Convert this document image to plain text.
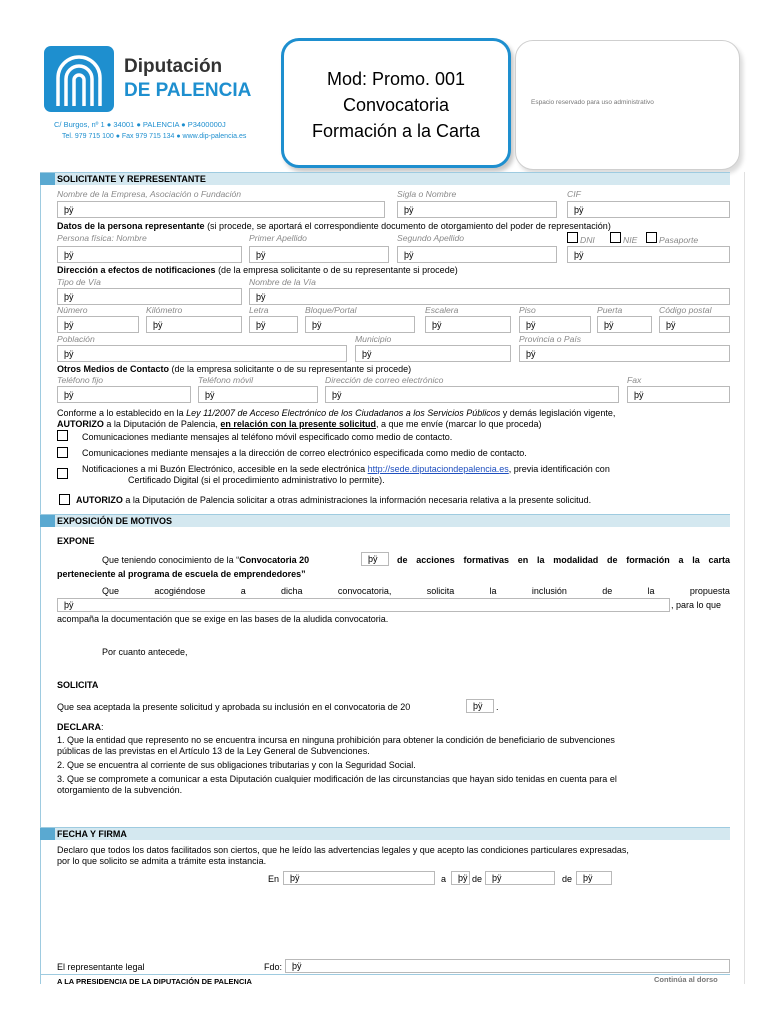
Diputación
DE PALENCIA
C/ Burgos, nº 1 ● 34001 ● PALENCIA ● P3400000J
Tel. 979 715 100 ● Fax 979 715 134 ● www.dip-palencia.es
Mod: Promo. 001
Convocatoria
Formación a la Carta
Espacio reservado para uso administrativo
SOLICITANTE Y REPRESENTANTE
Nombre de la Empresa, Asociación o Fundación	Sigla o Nombre	CIF
þÿ	þÿ	þÿ
Datos de la persona representante (si procede, se aportará el correspondiente documento de otorgamiento del poder de representación)
Persona física: Nombre	Primer Apellido	Segundo Apellido	DNI	NIE	Pasaporte
þÿ	þÿ	þÿ	þÿ
Dirección a efectos de notificaciones (de la empresa solicitante o de su representante si procede)
Tipo de Vía	Nombre de la Vía
þÿ	þÿ
Número	Kilómetro	Letra	Bloque/Portal	Escalera	Piso	Puerta	Código postal
þÿ	þÿ	þÿ	þÿ	þÿ	þÿ	þÿ	þÿ
Población	Municipio	Provincia o País
þÿ	þÿ	þÿ
Otros Medios de Contacto (de la empresa solicitante o de su representante si procede)
Teléfono fijo	Teléfono móvil	Dirección de correo electrónico	Fax
þÿ	þÿ	þÿ	þÿ
Conforme a lo establecido en la Ley 11/2007 de Acceso Electrónico de los Ciudadanos a los Servicios Públicos y demás legislación vigente,
AUTORIZO a la Diputación de Palencia, en relación con la presente solicitud, a que me envíe (marcar lo que proceda)
Comunicaciones mediante mensajes al teléfono móvil especificado como medio de contacto.
Comunicaciones mediante mensajes a la dirección de correo electrónico especificada como medio de contacto.
Notificaciones a mi Buzón Electrónico, accesible en la sede electrónica http://sede.diputaciondepalencia.es, previa identificación con
Certificado Digital (si el procedimiento administrativo lo permite).
AUTORIZO a la Diputación de Palencia solicitar a otras administraciones la información necesaria relativa a la presente solicitud.
EXPOSICIÓN DE MOTIVOS
EXPONE
Que teniendo conocimiento de la “Convocatoria 20	þÿ	de acciones formativas en la modalidad de formación a la carta
perteneciente al programa de escuela de emprendedores”
Que	acogiéndose	a	dicha	convocatoria,	solicita	la	inclusión	de	la	propuesta
þÿ	, para lo que
acompaña la documentación que se exige en las bases de la aludida convocatoria.
Por cuanto antecede,
SOLICITA
Que sea aceptada la presente solicitud y aprobada su inclusión en el convocatoria de 20	þÿ	.
DECLARA:
1. Que la entidad que represento no se encuentra incursa en ninguna prohibición para obtener la condición de beneficiario de subvenciones
públicas de las previstas en el Artículo 13 de la Ley General de Subvenciones.
2. Que se encuentra al corriente de sus obligaciones tributarias y con la Seguridad Social.
3. Que se compromete a comunicar a esta Diputación cualquier modificación de las circunstancias que hayan sido tenidas en cuenta para el
otorgamiento de la subvención.
FECHA Y FIRMA
Declaro que todos los datos facilitados son ciertos, que he leído las advertencias legales y que acepto las condiciones particulares expresadas,
por lo que solicito se admita a trámite esta instancia.
En	þÿ	a	þÿ de	þÿ	de	þÿ
El representante legal	Fdo:	þÿ
A LA PRESIDENCIA DE LA DIPUTACIÓN DE PALENCIA	Continúa al dorso
